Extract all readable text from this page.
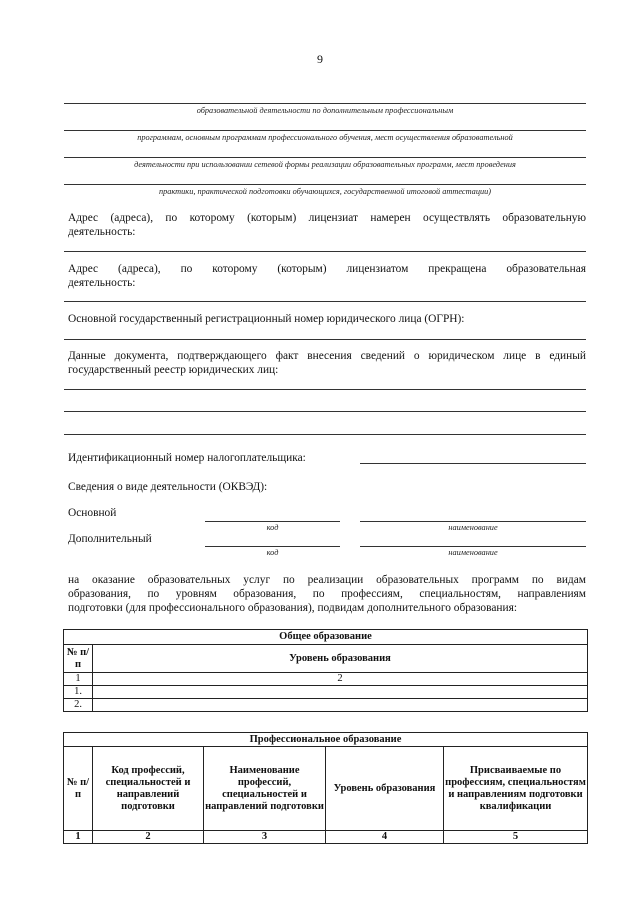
9
образовательной деятельности по дополнительным профессиональным
программам, основным программам профессионального обучения, мест осуществления образовательной
деятельности при использовании сетевой формы реализации образовательных программ, мест проведения
практики, практической подготовки обучающихся, государственной итоговой аттестации)
Адрес (адреса), по которому (которым) лицензиат намерен осуществлять образовательную
деятельность:
Адрес (адреса), по которому (которым) лицензиатом прекращена образовательная
деятельность:
Основной государственный регистрационный номер юридического лица (ОГРН):
Данные документа, подтверждающего факт внесения сведений о юридическом лице в единый
государственный реестр юридических лиц:
Идентификационный номер налогоплательщика:
Сведения о виде деятельности (ОКВЭД):
Основной
код	наименование
Дополнительный
код	наименование
на оказание образовательных услуг по реализации образовательных программ по видам
образования, по уровням образования, по профессиям, специальностям, направлениям
подготовки (для профессионального образования), подвидам дополнительного образования:
Общее образование	
№ п/п	Уровень образования
1	2
1.	
2.	
Профессиональное образование				
№ п/п	Код профессий, специальностей и направлений подготовки	Наименование профессий, специальностей и направлений подготовки	Уровень образования	Присваиваемые по профессиям, специальностям и направлениям подготовки квалификации
1	2	3	4	5
